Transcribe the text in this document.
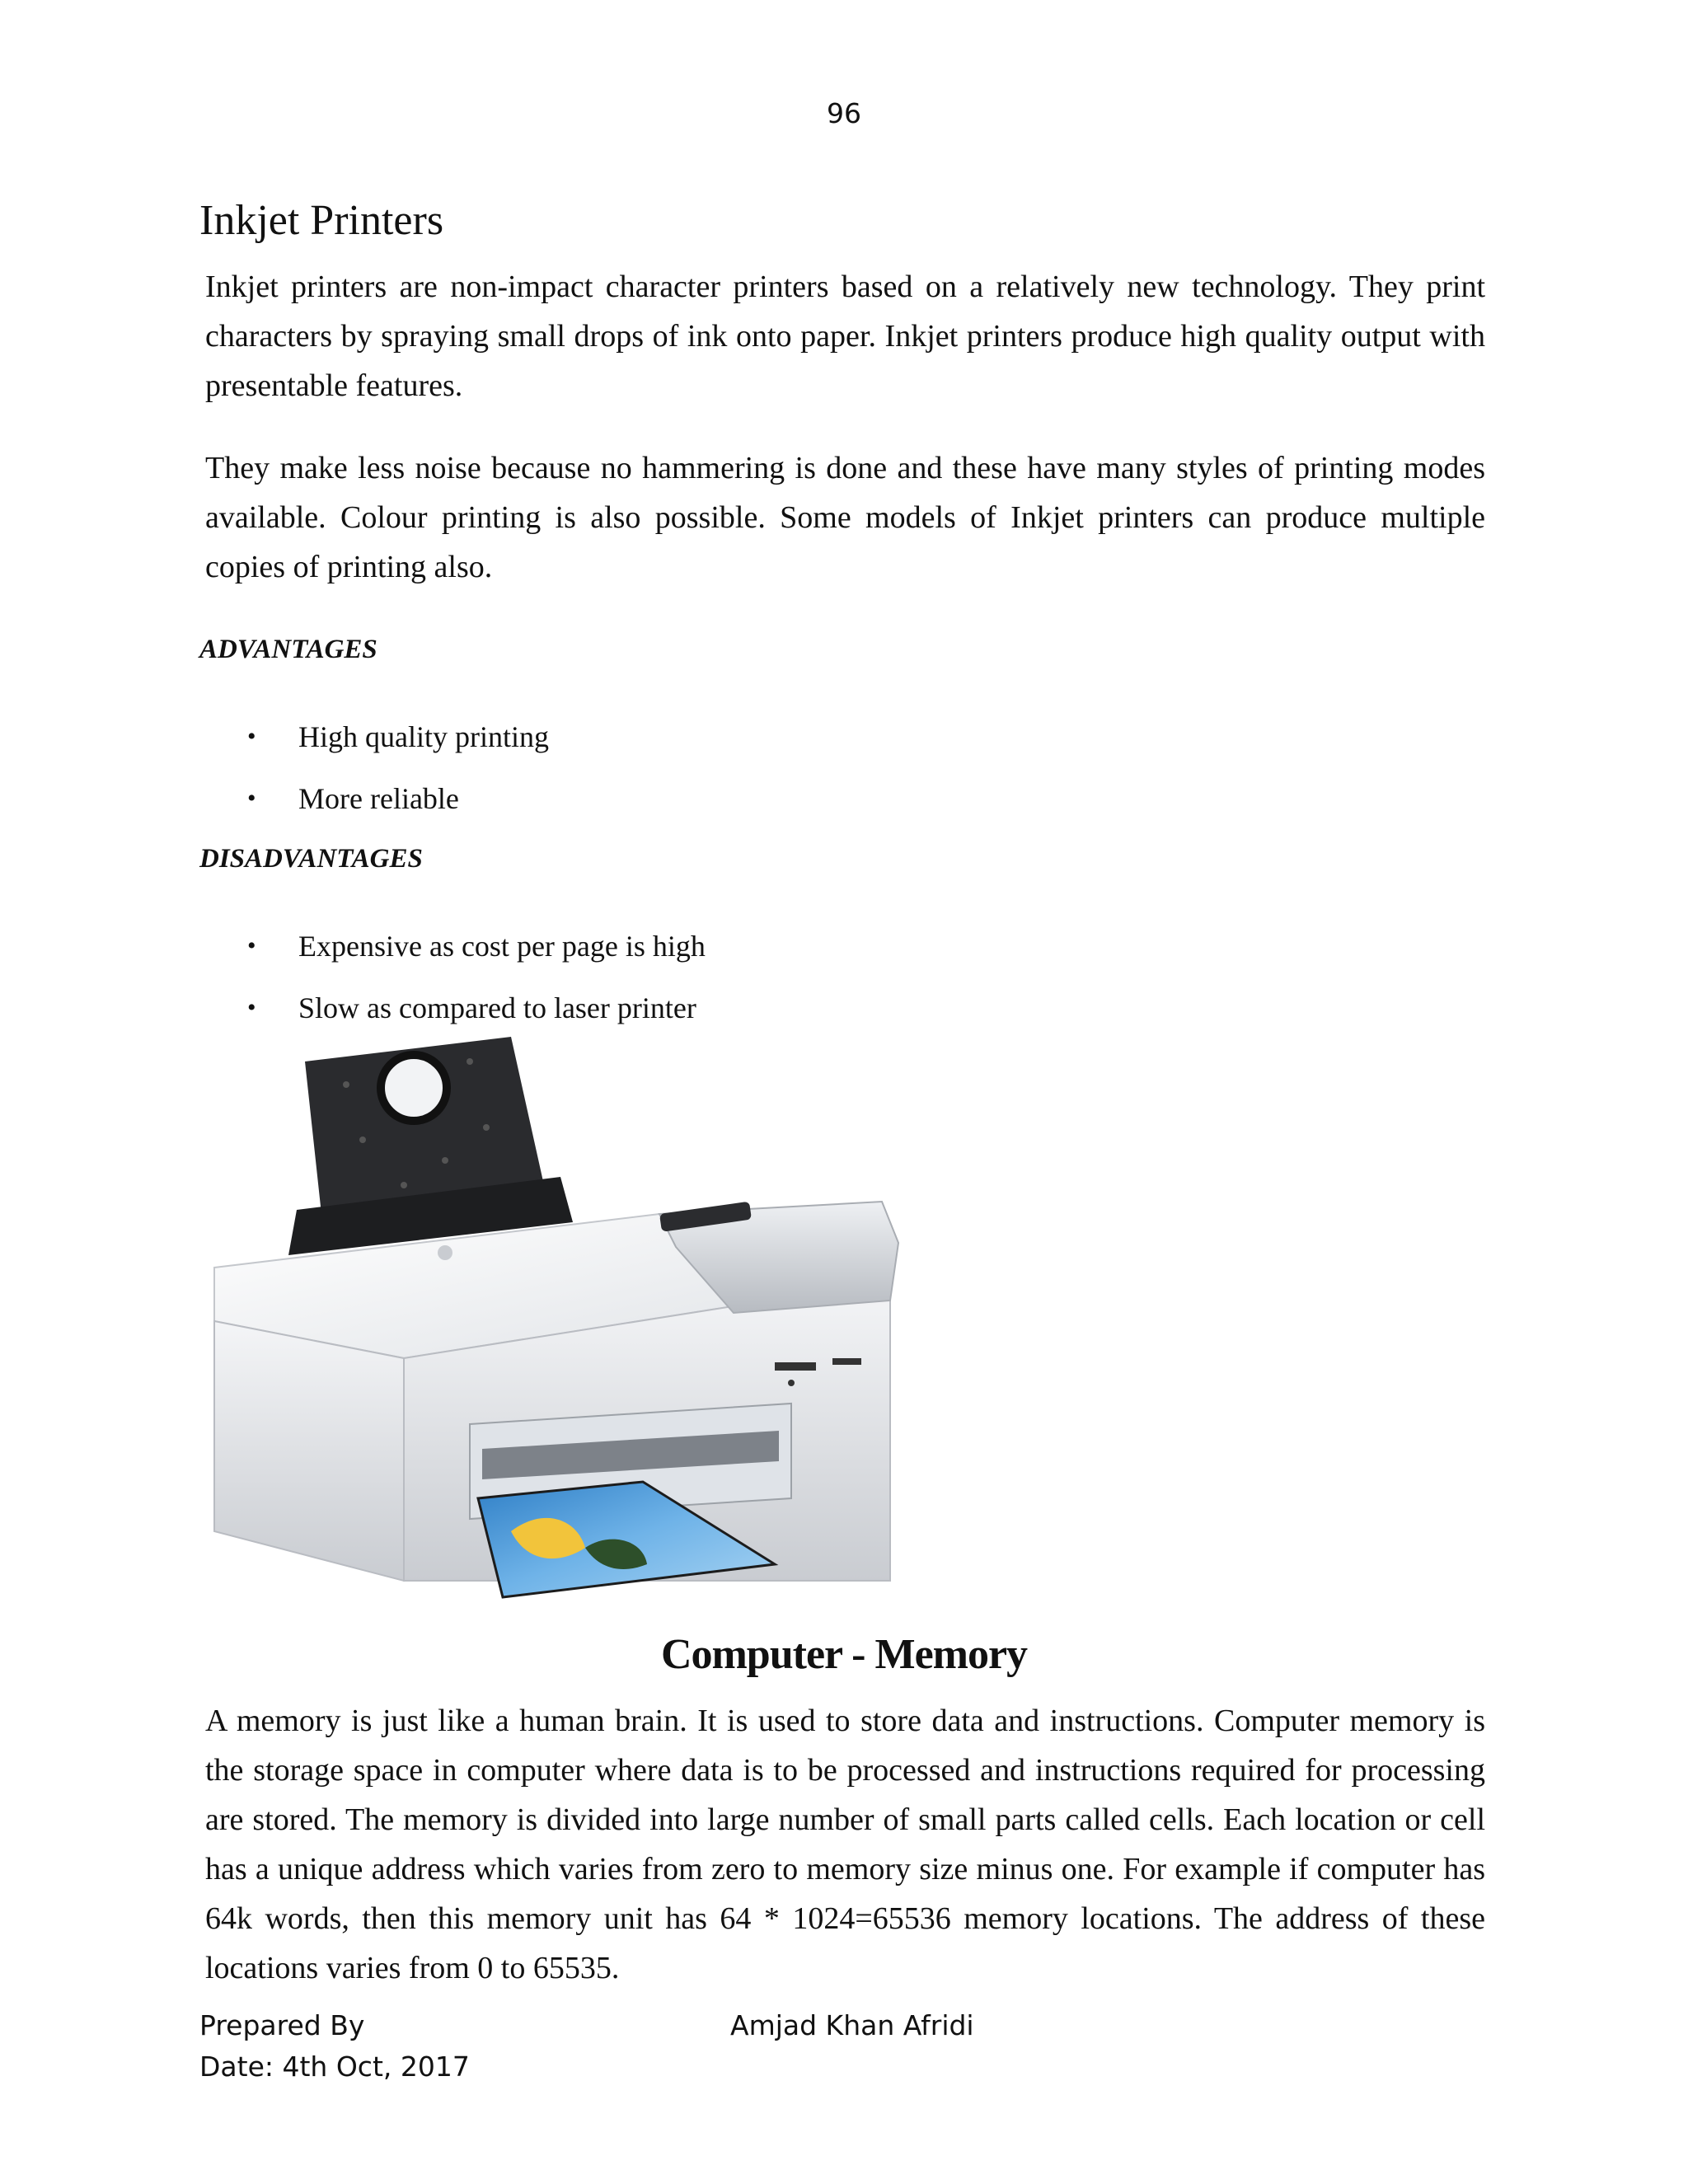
96
Inkjet Printers

Inkjet printers are non-impact character printers based on a relatively new technology. They print characters by spraying small drops of ink onto paper. Inkjet printers produce high quality output with presentable features.

They make less noise because no hammering is done and these have many styles of printing modes available. Colour printing is also possible. Some models of Inkjet printers can produce multiple copies of printing also.

ADVANTAGES
• High quality printing
• More reliable
DISADVANTAGES
• Expensive as cost per page is high
• Slow as compared to laser printer
Computer - Memory

A memory is just like a human brain. It is used to store data and instructions. Computer memory is the storage space in computer where data is to be processed and instructions required for processing are stored. The memory is divided into large number of small parts called cells. Each location or cell has a unique address which varies from zero to memory size minus one. For example if computer has 64k words, then this memory unit has 64 * 1024=65536 memory locations. The address of these locations varies from 0 to 65535.

Prepared By
Date: 4th Oct, 2017
Amjad Khan Afridi
